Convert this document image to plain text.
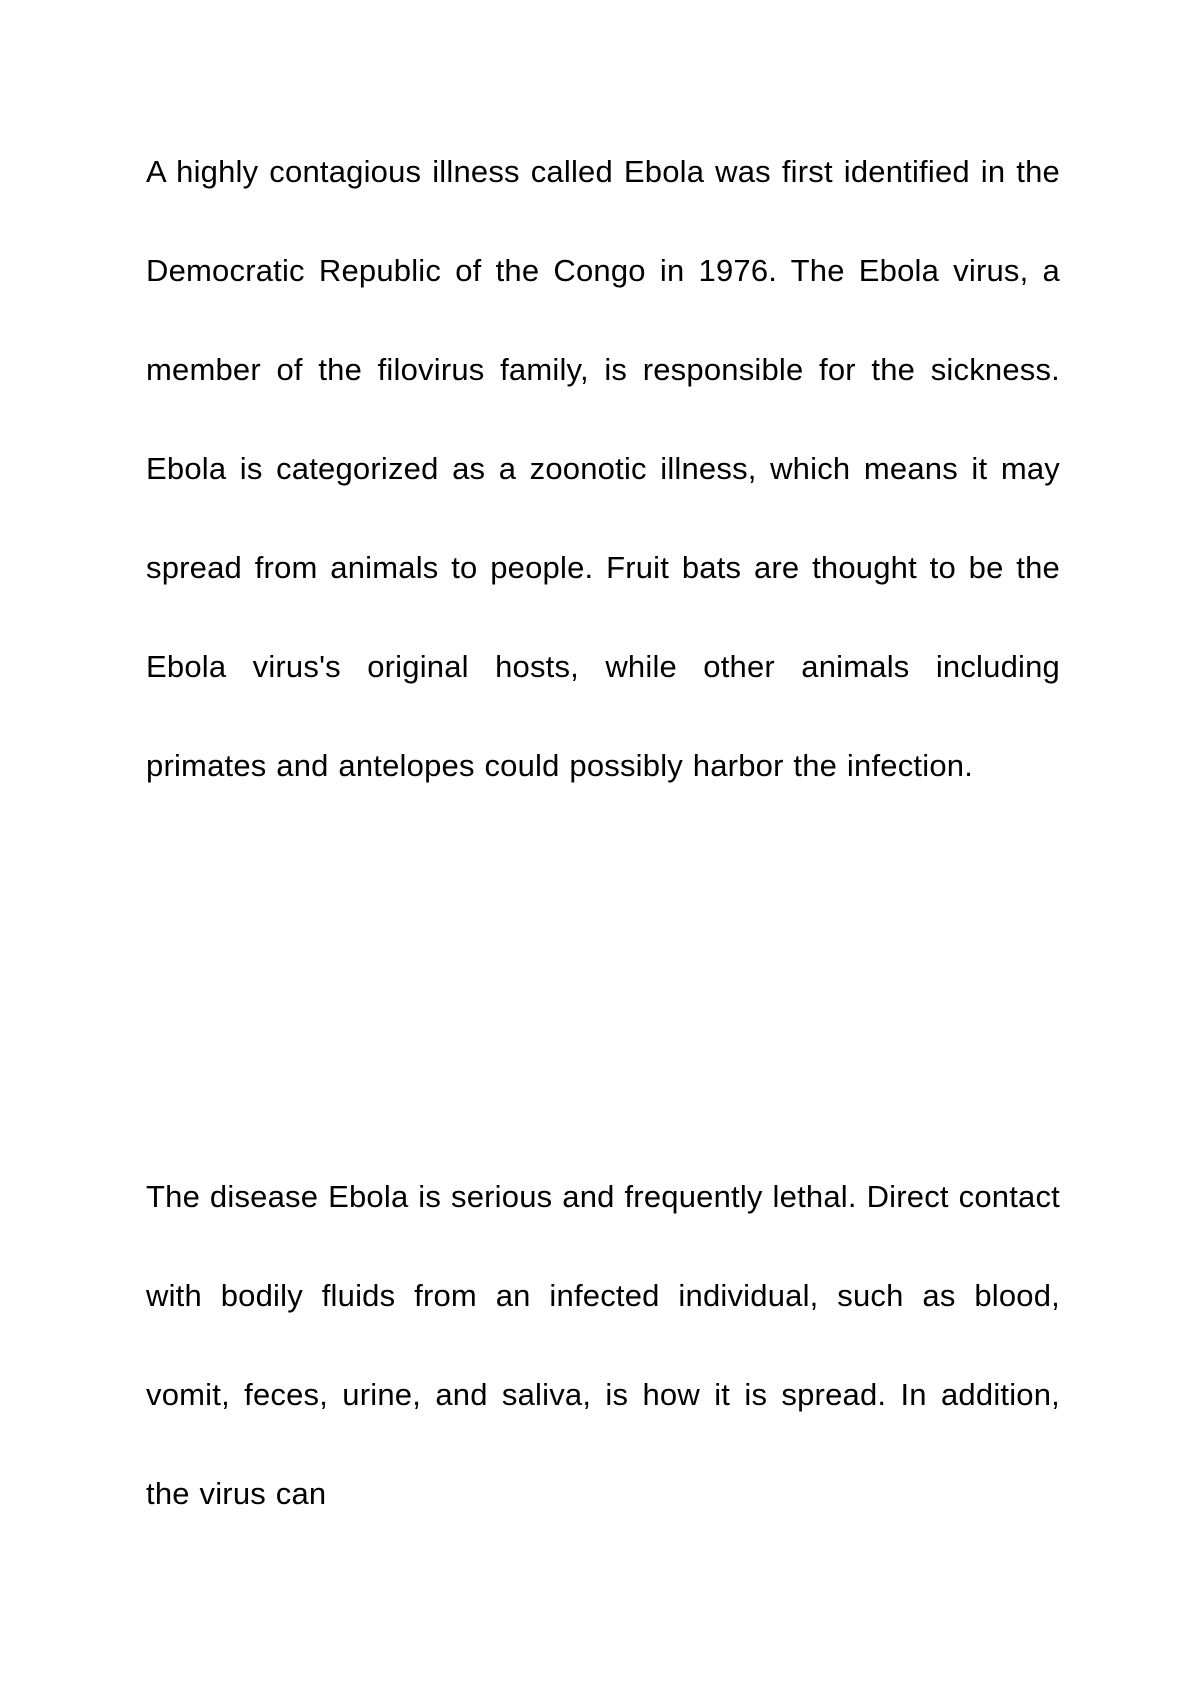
A highly contagious illness called Ebola was first identified in the Democratic Republic of the Congo in 1976. The Ebola virus, a member of the filovirus family, is responsible for the sickness. Ebola is categorized as a zoonotic illness, which means it may spread from animals to people. Fruit bats are thought to be the Ebola virus's original hosts, while other animals including primates and antelopes could possibly harbor the infection.

The disease Ebola is serious and frequently lethal. Direct contact with bodily fluids from an infected individual, such as blood, vomit, feces, urine, and saliva, is how it is spread. In addition, the virus can
